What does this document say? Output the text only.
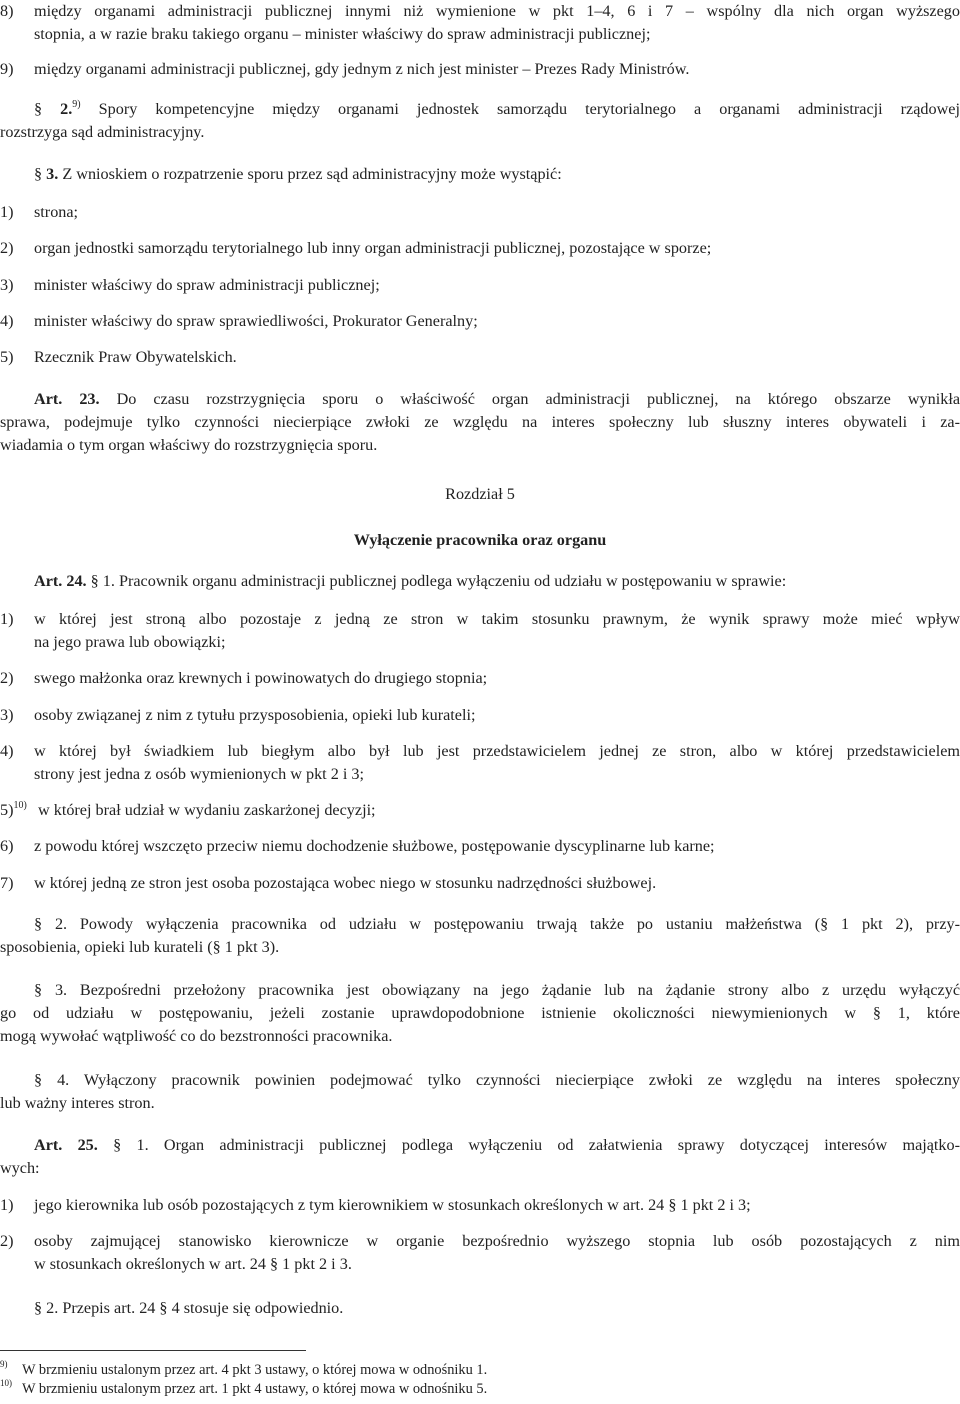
8) między organami administracji publicznej innymi niż wymienione w pkt 1–4, 6 i 7 – wspólny dla nich organ wyższego
stopnia, a w razie braku takiego organu – minister właściwy do spraw administracji publicznej;
9) między organami administracji publicznej, gdy jednym z nich jest minister – Prezes Rady Ministrów.
§ 2.$^{9)}$ Spory kompetencyjne między organami jednostek samorządu terytorialnego a organami administracji rządowej
rozstrzyga sąd administracyjny.
§ 3. Z wnioskiem o rozpatrzenie sporu przez sąd administracyjny może wystąpić:
1) strona;
2) organ jednostki samorządu terytorialnego lub inny organ administracji publicznej, pozostające w sporze;
3) minister właściwy do spraw administracji publicznej;
4) minister właściwy do spraw sprawiedliwości, Prokurator Generalny;
5) Rzecznik Praw Obywatelskich.
Art. 23. Do czasu rozstrzygnięcia sporu o właściwość organ administracji publicznej, na którego obszarze wynikła
sprawa, podejmuje tylko czynności niecierpiące zwłoki ze względu na interes społeczny lub słuszny interes obywateli i za-
wiadamia o tym organ właściwy do rozstrzygnięcia sporu.
Rozdział 5
Wyłączenie pracownika oraz organu
Art. 24. § 1. Pracownik organu administracji publicznej podlega wyłączeniu od udziału w postępowaniu w sprawie:
1) w której jest stroną albo pozostaje z jedną ze stron w takim stosunku prawnym, że wynik sprawy może mieć wpływ
na jego prawa lub obowiązki;
2) swego małżonka oraz krewnych i powinowatych do drugiego stopnia;
3) osoby związanej z nim z tytułu przysposobienia, opieki lub kurateli;
4) w której był świadkiem lub biegłym albo był lub jest przedstawicielem jednej ze stron, albo w której przedstawicielem
strony jest jedna z osób wymienionych w pkt 2 i 3;
5)$^{10)}$ w której brał udział w wydaniu zaskarżonej decyzji;
6) z powodu której wszczęto przeciw niemu dochodzenie służbowe, postępowanie dyscyplinarne lub karne;
7) w której jedną ze stron jest osoba pozostająca wobec niego w stosunku nadrzędności służbowej.
§ 2. Powody wyłączenia pracownika od udziału w postępowaniu trwają także po ustaniu małżeństwa (§ 1 pkt 2), przy-
sposobienia, opieki lub kurateli (§ 1 pkt 3).
§ 3. Bezpośredni przełożony pracownika jest obowiązany na jego żądanie lub na żądanie strony albo z urzędu wyłączyć
go od udziału w postępowaniu, jeżeli zostanie uprawdopodobnione istnienie okoliczności niewymienionych w § 1, które
mogą wywołać wątpliwość co do bezstronności pracownika.
§ 4. Wyłączony pracownik powinien podejmować tylko czynności niecierpiące zwłoki ze względu na interes społeczny
lub ważny interes stron.
Art. 25. § 1. Organ administracji publicznej podlega wyłączeniu od załatwienia sprawy dotyczącej interesów majątko-
wych:
1) jego kierownika lub osób pozostających z tym kierownikiem w stosunkach określonych w art. 24 § 1 pkt 2 i 3;
2) osoby zajmującej stanowisko kierownicze w organie bezpośrednio wyższego stopnia lub osób pozostających z nim
w stosunkach określonych w art. 24 § 1 pkt 2 i 3.
§ 2. Przepis art. 24 § 4 stosuje się odpowiednio.
$^{9)}$ W brzmieniu ustalonym przez art. 4 pkt 3 ustawy, o której mowa w odnośniku 1.
$^{10)}$ W brzmieniu ustalonym przez art. 1 pkt 4 ustawy, o której mowa w odnośniku 5.
